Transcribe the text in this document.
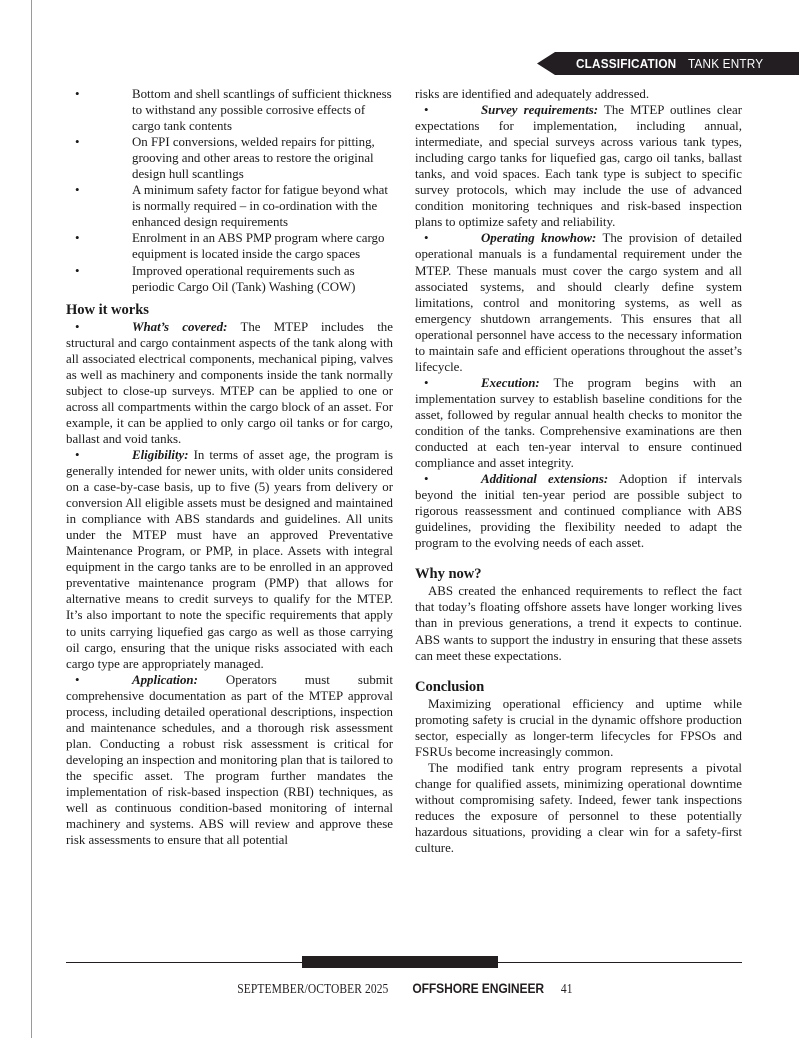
CLASSIFICATION TANK ENTRY
•	Bottom and shell scantlings of sufficient thickness to withstand any possible corrosive effects of cargo tank contents
•	On FPI conversions, welded repairs for pitting, grooving and other areas to restore the original design hull scantlings
•	A minimum safety factor for fatigue beyond what is normally required – in co-ordination with the enhanced design requirements
•	Enrolment in an ABS PMP program where cargo equipment is located inside the cargo spaces
•	Improved operational requirements such as periodic Cargo Oil (Tank) Washing (COW)
How it works

•	What’s covered: The MTEP includes the structural and cargo containment aspects of the tank along with all associated electrical components, mechanical piping, valves as well as machinery and components inside the tank normally subject to close-up surveys. MTEP can be applied to one or across all compartments within the cargo block of an asset. For example, it can be applied to only cargo oil tanks or for cargo, ballast and void tanks.

•	Eligibility: In terms of asset age, the program is generally intended for newer units, with older units considered on a case-by-case basis, up to five (5) years from delivery or conversion All eligible assets must be designed and maintained in compliance with ABS standards and guidelines. All units under the MTEP must have an approved Preventative Maintenance Program, or PMP, in place. Assets with integral equipment in the cargo tanks are to be enrolled in an approved preventative maintenance program (PMP) that allows for alternative means to credit surveys to qualify for the MTEP. It’s also important to note the specific requirements that apply to units carrying liquefied gas cargo as well as those carrying oil cargo, ensuring that the unique risks associated with each cargo type are appropriately managed.

•	Application: Operators must submit comprehensive documentation as part of the MTEP approval process, including detailed operational descriptions, inspection and maintenance schedules, and a thorough risk assessment plan. Conducting a robust risk assessment is critical for developing an inspection and monitoring plan that is tailored to the specific asset. The program further mandates the implementation of risk-based inspection (RBI) techniques, as well as continuous condition-based monitoring of internal machinery and systems. ABS will review and approve these risk assessments to ensure that all potential

risks are identified and adequately addressed.

•	Survey requirements: The MTEP outlines clear expectations for implementation, including annual, intermediate, and special surveys across various tank types, including cargo tanks for liquefied gas, cargo oil tanks, ballast tanks, and void spaces. Each tank type is subject to specific survey protocols, which may include the use of advanced condition monitoring techniques and risk-based inspection plans to optimize safety and reliability.

•	Operating knowhow: The provision of detailed operational manuals is a fundamental requirement under the MTEP. These manuals must cover the cargo system and all associated systems, and should clearly define system limitations, control and monitoring systems, as well as emergency shutdown arrangements. This ensures that all operational personnel have access to the necessary information to maintain safe and efficient operations throughout the asset’s lifecycle.

•	Execution: The program begins with an implementation survey to establish baseline conditions for the asset, followed by regular annual health checks to monitor the condition of the tanks. Comprehensive examinations are then conducted at each ten-year interval to ensure continued compliance and asset integrity.

•	Additional extensions: Adoption if intervals beyond the initial ten-year period are possible subject to rigorous reassessment and continued compliance with ABS guidelines, providing the flexibility needed to adapt the program to the evolving needs of each asset.

Why now?

ABS created the enhanced requirements to reflect the fact that today’s floating offshore assets have longer working lives than in previous generations, a trend it expects to continue. ABS wants to support the industry in ensuring that these assets can meet these expectations.

Conclusion

Maximizing operational efficiency and uptime while promoting safety is crucial in the dynamic offshore production sector, especially as longer-term lifecycles for FPSOs and FSRUs become increasingly common.

The modified tank entry program represents a pivotal change for qualified assets, minimizing operational downtime without compromising safety. Indeed, fewer tank inspections reduces the exposure of personnel to these potentially hazardous situations, providing a clear win for a safety-first culture.

SEPTEMBER/OCTOBER 2025 OFFSHORE ENGINEER 41
